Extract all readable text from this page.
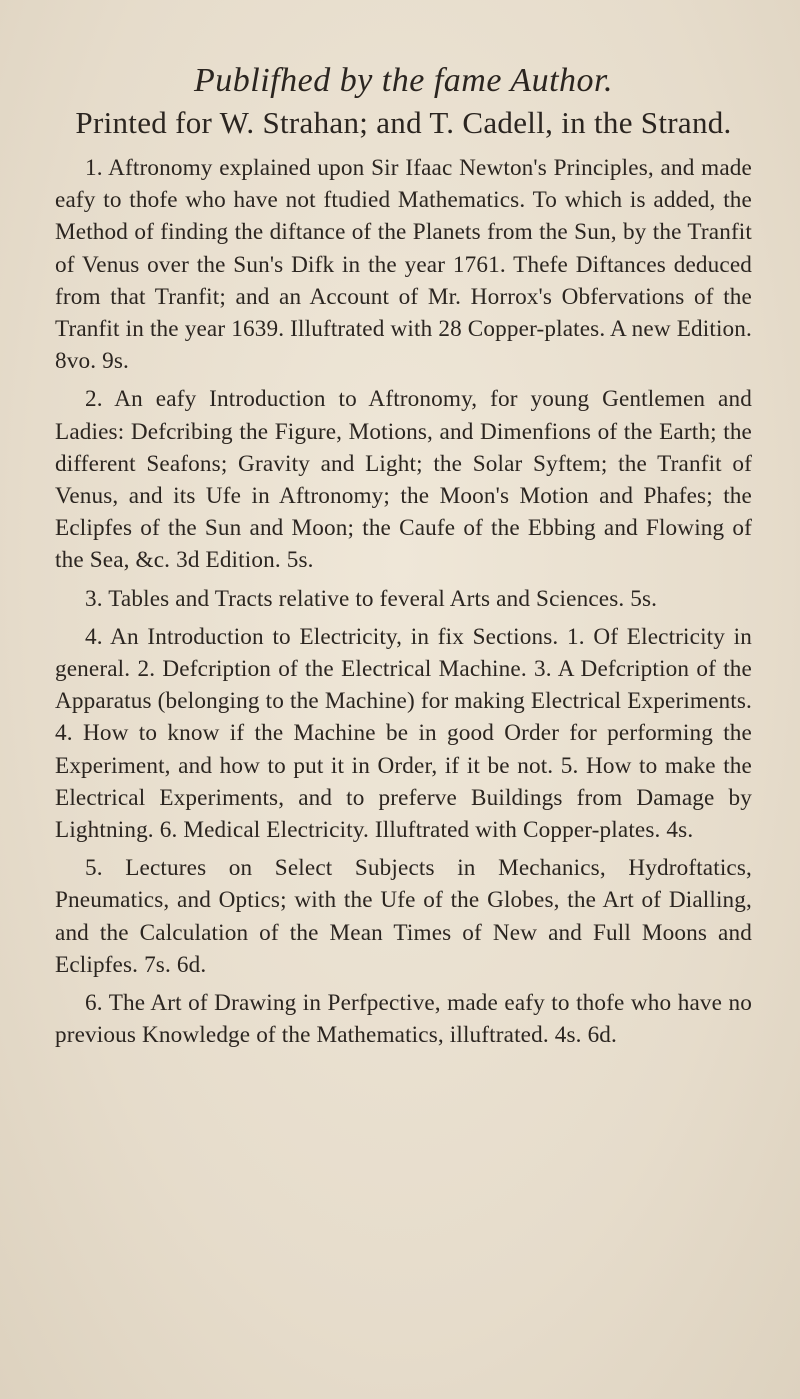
Publifhed by the fame Author.
Printed for W. Strahan; and T. Cadell, in the Strand.
1. Aftronomy explained upon Sir Ifaac Newton's Principles, and made eafy to thofe who have not ftudied Mathematics. To which is added, the Method of finding the diftance of the Planets from the Sun, by the Tranfit of Venus over the Sun's Difk in the year 1761. Thefe Diftances deduced from that Tranfit; and an Account of Mr. Horrox's Obfervations of the Tranfit in the year 1639. Illuftrated with 28 Copper-plates. A new Edition. 8vo. 9s.
2. An eafy Introduction to Aftronomy, for young Gentlemen and Ladies: Defcribing the Figure, Motions, and Dimenfions of the Earth; the different Seafons; Gravity and Light; the Solar Syftem; the Tranfit of Venus, and its Ufe in Aftronomy; the Moon's Motion and Phafes; the Eclipfes of the Sun and Moon; the Caufe of the Ebbing and Flowing of the Sea, &c. 3d Edition. 5s.
3. Tables and Tracts relative to feveral Arts and Sciences. 5s.
4. An Introduction to Electricity, in fix Sections. 1. Of Electricity in general. 2. Defcription of the Electrical Machine. 3. A Defcription of the Apparatus (belonging to the Machine) for making Electrical Experiments. 4. How to know if the Machine be in good Order for performing the Experiment, and how to put it in Order, if it be not. 5. How to make the Electrical Experiments, and to preferve Buildings from Damage by Lightning. 6. Medical Electricity. Illuftrated with Copper-plates. 4s.
5. Lectures on Select Subjects in Mechanics, Hydroftatics, Pneumatics, and Optics; with the Ufe of the Globes, the Art of Dialling, and the Calculation of the Mean Times of New and Full Moons and Eclipfes. 7s. 6d.
6. The Art of Drawing in Perfpective, made eafy to thofe who have no previous Knowledge of the Mathematics, illuftrated. 4s. 6d.
